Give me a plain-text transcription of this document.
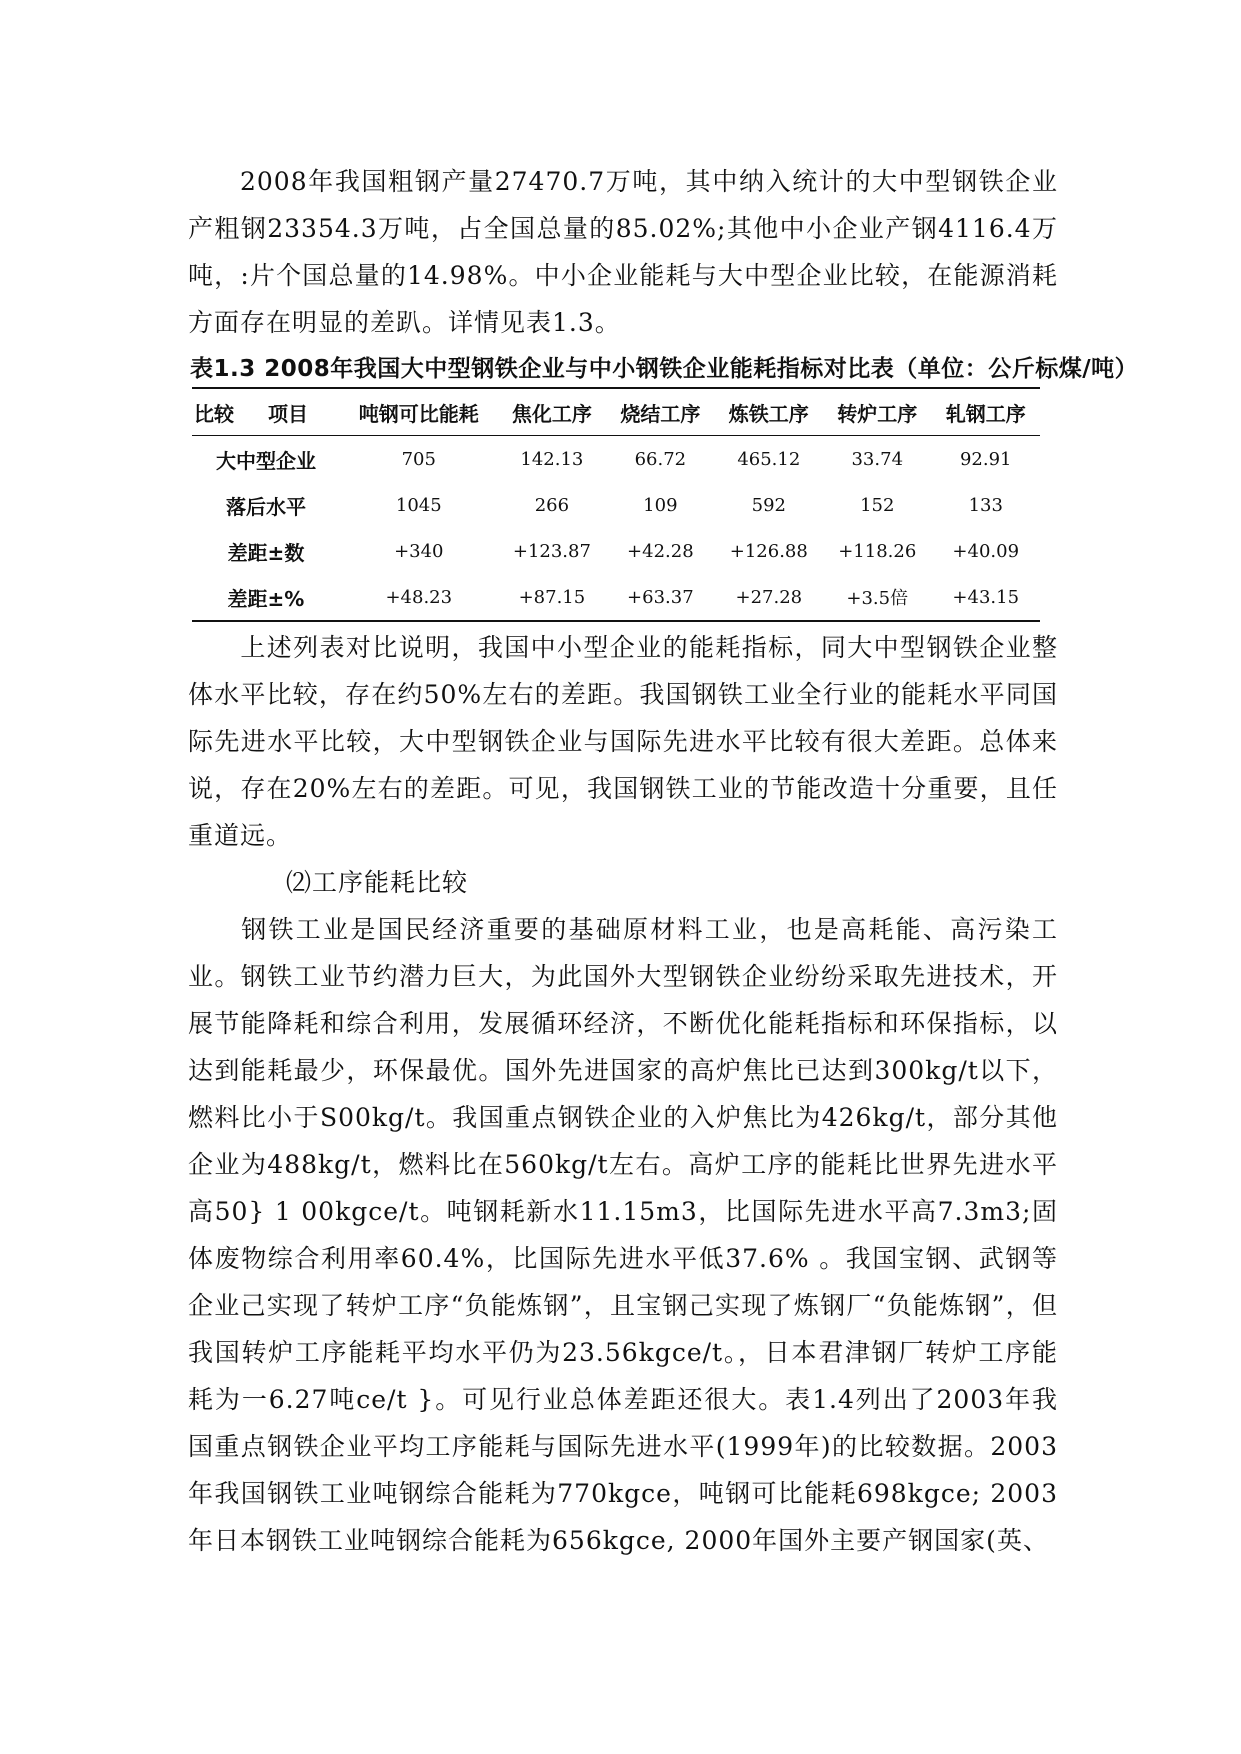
2008年我国粗钢产量27470.7万吨，其中纳入统计的大中型钢铁企业产粗钢23354.3万吨，占全国总量的85.02%;其他中小企业产钢4116.4万吨，:片个国总量的14.98%。中小企业能耗与大中型企业比较，在能源消耗方面存在明显的差趴。详情见表1.3。

表1.3 2008年我国大中型钢铁企业与中小钢铁企业能耗指标对比表（单位：公斤标煤/吨）
比较 项目	吨钢可比能耗	焦化工序	烧结工序	炼铁工序	转炉工序	轧钢工序
大中型企业	705	142.13	66.72	465.12	33.74	92.91
落后水平	1045	266	109	592	152	133
差距±数	+340	+123.87	+42.28	+126.88	+118.26	+40.09
差距±%	+48.23	+87.15	+63.37	+27.28	+3.5倍	+43.15

上述列表对比说明，我国中小型企业的能耗指标，同大中型钢铁企业整体水平比较，存在约50%左右的差距。我国钢铁工业全行业的能耗水平同国际先进水平比较，大中型钢铁企业与国际先进水平比较有很大差距。总体来说，存在20%左右的差距。可见，我国钢铁工业的节能改造十分重要，且任重道远。

⑵工序能耗比较

钢铁工业是国民经济重要的基础原材料工业，也是高耗能、高污染工业。钢铁工业节约潜力巨大，为此国外大型钢铁企业纷纷采取先进技术，开展节能降耗和综合利用，发展循环经济，不断优化能耗指标和环保指标，以达到能耗最少，环保最优。国外先进国家的高炉焦比已达到300kg/t以下，燃料比小于S00kg/t。我国重点钢铁企业的入炉焦比为426kg/t，部分其他企业为488kg/t，燃料比在560kg/t左右。高炉工序的能耗比世界先进水平高50} 1 00kgce/t。吨钢耗新水11.15m3，比国际先进水平高7.3m3;固体废物综合利用率60.4%，比国际先进水平低37.6% 。我国宝钢、武钢等企业己实现了转炉工序“负能炼钢”，且宝钢己实现了炼钢厂“负能炼钢”，但我国转炉工序能耗平均水平仍为23.56kgce/t。，日本君津钢厂转炉工序能耗为一6.27吨ce/t }。可见行业总体差距还很大。表1.4列出了2003年我国重点钢铁企业平均工序能耗与国际先进水平(1999年)的比较数据。2003年我国钢铁工业吨钢综合能耗为770kgce，吨钢可比能耗698kgce; 2003年日本钢铁工业吨钢综合能耗为656kgce, 2000年国外主要产钢国家(英、
